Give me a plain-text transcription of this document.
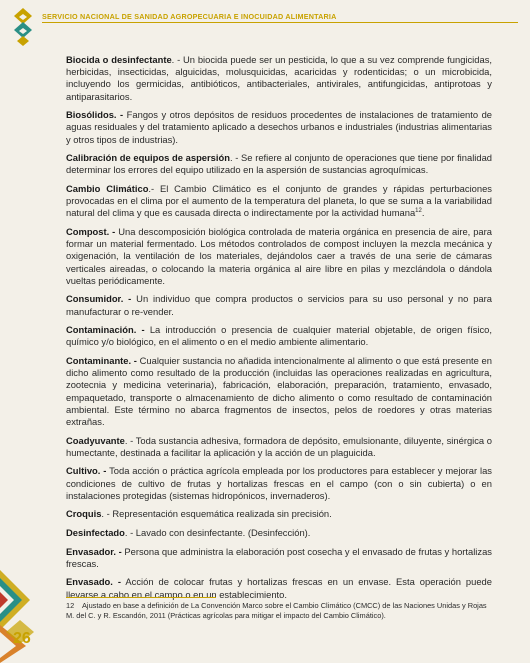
SERVICIO NACIONAL DE SANIDAD AGROPECUARIA E INOCUIDAD ALIMENTARIA

Biocida o desinfectante. - Un biocida puede ser un pesticida, lo que a su vez comprende fungicidas, herbicidas, insecticidas, alguicidas, molusquicidas, acaricidas y rodenticidas; o un microbicida, incluyendo los germicidas, antibióticos, antibacteriales, antivirales, antifungicidas, antiprotoas y antiparasitarios.

Biosólidos. - Fangos y otros depósitos de residuos procedentes de instalaciones de tratamiento de aguas residuales y del tratamiento aplicado a desechos urbanos e industriales (industrias alimentarias y otros tipos de industrias).

Calibración de equipos de aspersión. - Se refiere al conjunto de operaciones que tiene por finalidad determinar los errores del equipo utilizado en la aspersión de sustancias agroquímicas.

Cambio Climático.- El Cambio Climático es el conjunto de grandes y rápidas perturbaciones provocadas en el clima por el aumento de la temperatura del planeta, lo que se suma a la variabilidad natural del clima y que es causada directa o indirectamente por la actividad humana$^{12}$.

Compost. - Una descomposición biológica controlada de materia orgánica en presencia de aire, para formar un material fermentado. Los métodos controlados de compost incluyen la mezcla mecánica y oxigenación, la ventilación de los materiales, dejándolos caer a través de una serie de cámaras verticales aireadas, o colocando la materia orgánica al aire libre en pilas y mezclándola o dándola vueltas periódicamente.

Consumidor. - Un individuo que compra productos o servicios para su uso personal y no para manufacturar o re-vender.

Contaminación. - La introducción o presencia de cualquier material objetable, de origen físico, químico y/o biológico, en el alimento o en el medio ambiente alimentario.

Contaminante. - Cualquier sustancia no añadida intencionalmente al alimento o que está presente en dicho alimento como resultado de la producción (incluidas las operaciones realizadas en agricultura, zootecnia y medicina veterinaria), fabricación, elaboración, preparación, tratamiento, envasado, empaquetado, transporte o almacenamiento de dicho alimento o como resultado de contaminación ambiental. Este término no abarca fragmentos de insectos, pelos de roedores y otras materias extrañas.

Coadyuvante. - Toda sustancia adhesiva, formadora de depósito, emulsionante, diluyente, sinérgica o humectante, destinada a facilitar la aplicación y la acción de un plaguicida.

Cultivo. - Toda acción o práctica agrícola empleada por los productores para establecer y mejorar las condiciones de cultivo de frutas y hortalizas frescas en el campo (con o sin cubierta) o en instalaciones protegidas (sistemas hidropónicos, invernaderos).

Croquis. - Representación esquemática realizada sin precisión.

Desinfectado. - Lavado con desinfectante. (Desinfección).

Envasador. - Persona que administra la elaboración post cosecha y el envasado de frutas y hortalizas frescas.

Envasado. - Acción de colocar frutas y hortalizas frescas en un envase. Esta operación puede llevarse a cabo en el campo o en un establecimiento.

12 Ajustado en base a definición de La Convención Marco sobre el Cambio Climático (CMCC) de las Naciones Unidas y Rojas M. del C. y R. Escandón, 2011 (Prácticas agrícolas para mitigar el impacto del Cambio Climático).
26
